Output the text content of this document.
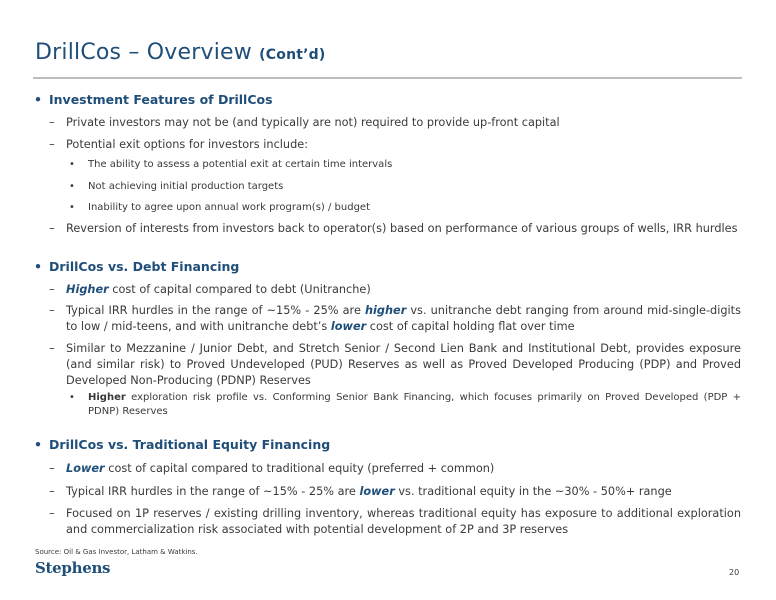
DrillCos – Overview (Cont’d)
• Investment Features of DrillCos
– Private investors may not be (and typically are not) required to provide up-front capital
– Potential exit options for investors include:
• The ability to assess a potential exit at certain time intervals
• Not achieving initial production targets
• Inability to agree upon annual work program(s) / budget
– Reversion of interests from investors back to operator(s) based on performance of various groups of wells, IRR hurdles
• DrillCos vs. Debt Financing
– Higher cost of capital compared to debt (Unitranche)
– Typical IRR hurdles in the range of ~15% - 25% are higher vs. unitranche debt ranging from around mid-single-digits to low / mid-teens, and with unitranche debt’s lower cost of capital holding flat over time
– Similar to Mezzanine / Junior Debt, and Stretch Senior / Second Lien Bank and Institutional Debt, provides exposure (and similar risk) to Proved Undeveloped (PUD) Reserves as well as Proved Developed Producing (PDP) and Proved Developed Non-Producing (PDNP) Reserves
• Higher exploration risk profile vs. Conforming Senior Bank Financing, which focuses primarily on Proved Developed (PDP + PDNP) Reserves
• DrillCos vs. Traditional Equity Financing
– Lower cost of capital compared to traditional equity (preferred + common)
– Typical IRR hurdles in the range of ~15% - 25% are lower vs. traditional equity in the ~30% - 50%+ range
– Focused on 1P reserves / existing drilling inventory, whereas traditional equity has exposure to additional exploration and commercialization risk associated with potential development of 2P and 3P reserves
Source: Oil & Gas Investor, Latham & Watkins.
Stephens	20
